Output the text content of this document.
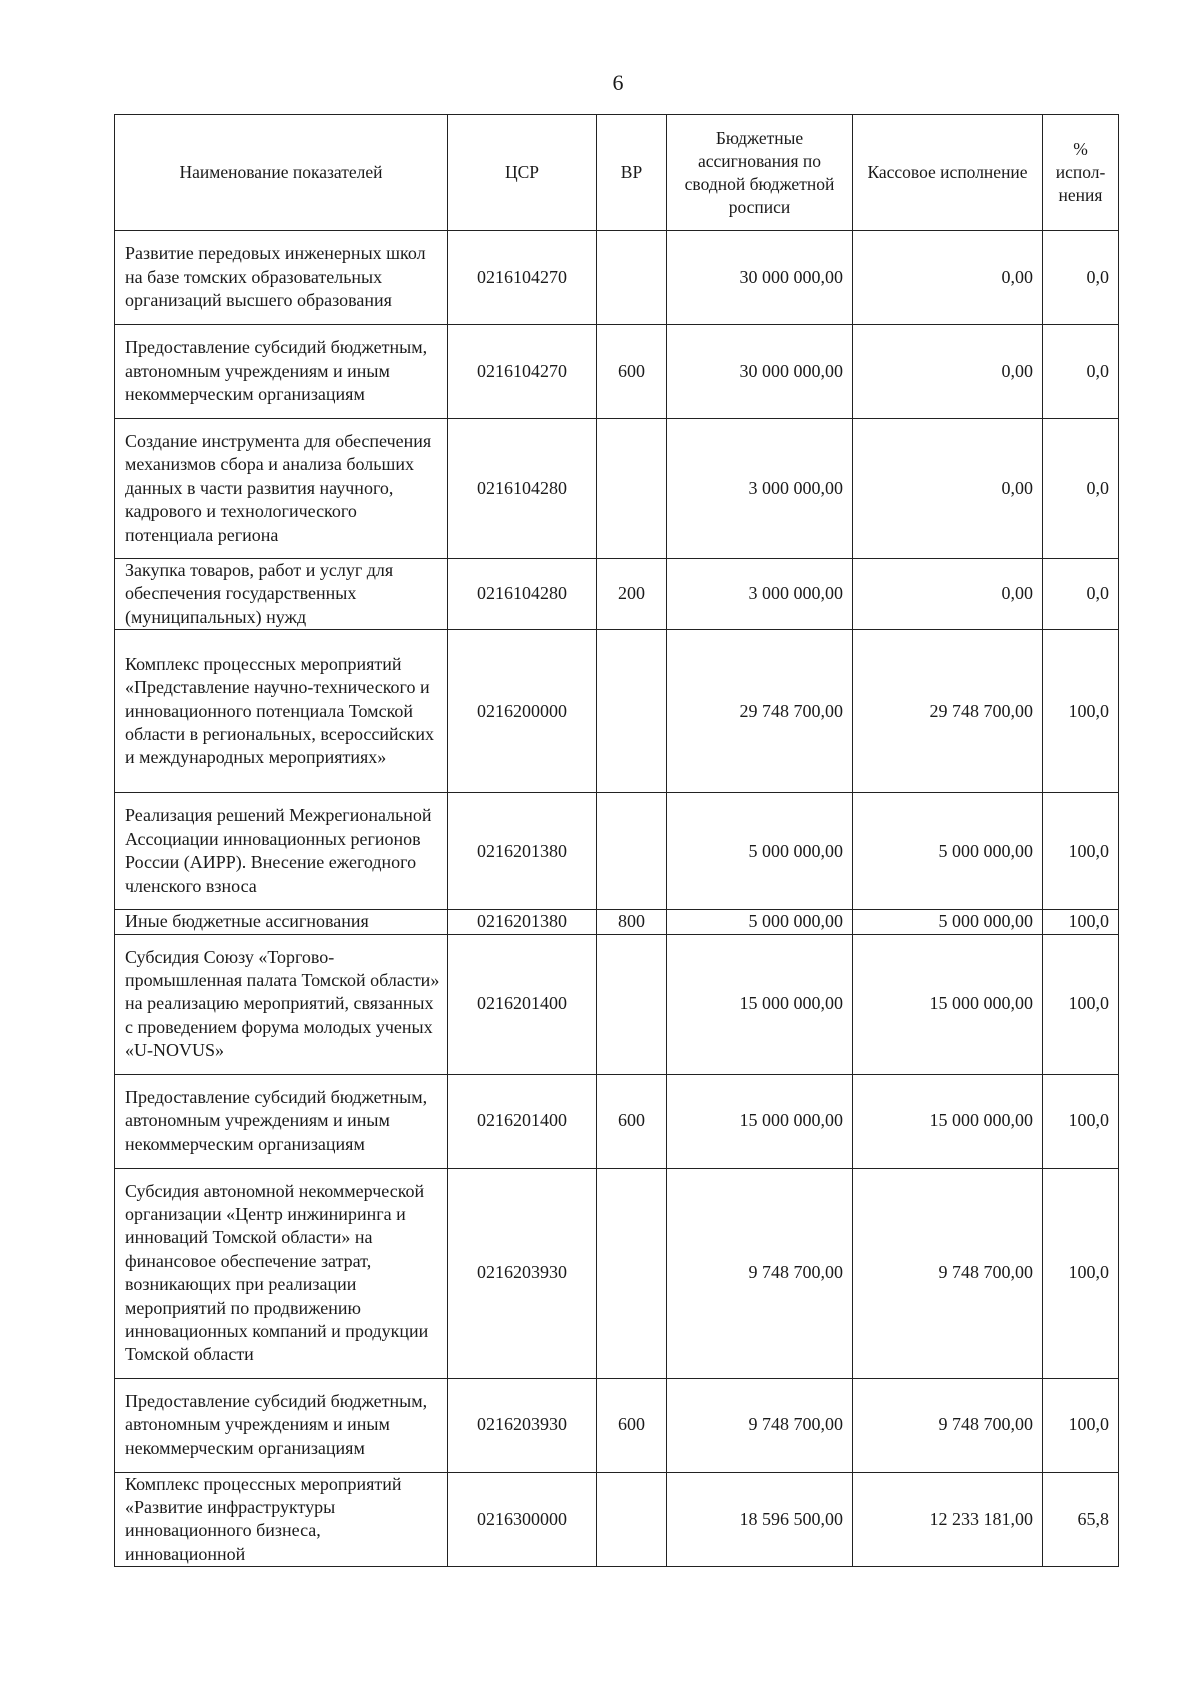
6
Наименование показателей	ЦСР	ВР	Бюджетные ассигнования по сводной бюджетной росписи	Кассовое исполнение	% испол-нения
Развитие передовых инженерных школ на базе томских образовательных организаций высшего образования	0216104270		30 000 000,00	0,00	0,0
Предоставление субсидий бюджетным, автономным учреждениям и иным некоммерческим организациям	0216104270	600	30 000 000,00	0,00	0,0
Создание инструмента для обеспечения механизмов сбора и анализа больших данных в части развития научного, кадрового и технологического потенциала региона	0216104280		3 000 000,00	0,00	0,0
Закупка товаров, работ и услуг для обеспечения государственных (муниципальных) нужд	0216104280	200	3 000 000,00	0,00	0,0
Комплекс процессных мероприятий «Представление научно-технического и инновационного потенциала Томской области в региональных, всероссийских и международных мероприятиях»	0216200000		29 748 700,00	29 748 700,00	100,0
Реализация решений Межрегиональной Ассоциации инновационных регионов России (АИРР). Внесение ежегодного членского взноса	0216201380		5 000 000,00	5 000 000,00	100,0
Иные бюджетные ассигнования	0216201380	800	5 000 000,00	5 000 000,00	100,0
Субсидия Союзу «Торгово-промышленная палата Томской области» на реализацию мероприятий, связанных с проведением форума молодых ученых «U-NOVUS»	0216201400		15 000 000,00	15 000 000,00	100,0
Предоставление субсидий бюджетным, автономным учреждениям и иным некоммерческим организациям	0216201400	600	15 000 000,00	15 000 000,00	100,0
Субсидия автономной некоммерческой организации «Центр инжиниринга и инноваций Томской области» на финансовое обеспечение затрат, возникающих при реализации мероприятий по продвижению инновационных компаний и продукции Томской области	0216203930		9 748 700,00	9 748 700,00	100,0
Предоставление субсидий бюджетным, автономным учреждениям и иным некоммерческим организациям	0216203930	600	9 748 700,00	9 748 700,00	100,0
Комплекс процессных мероприятий «Развитие инфраструктуры инновационного бизнеса, инновационной	0216300000		18 596 500,00	12 233 181,00	65,8
